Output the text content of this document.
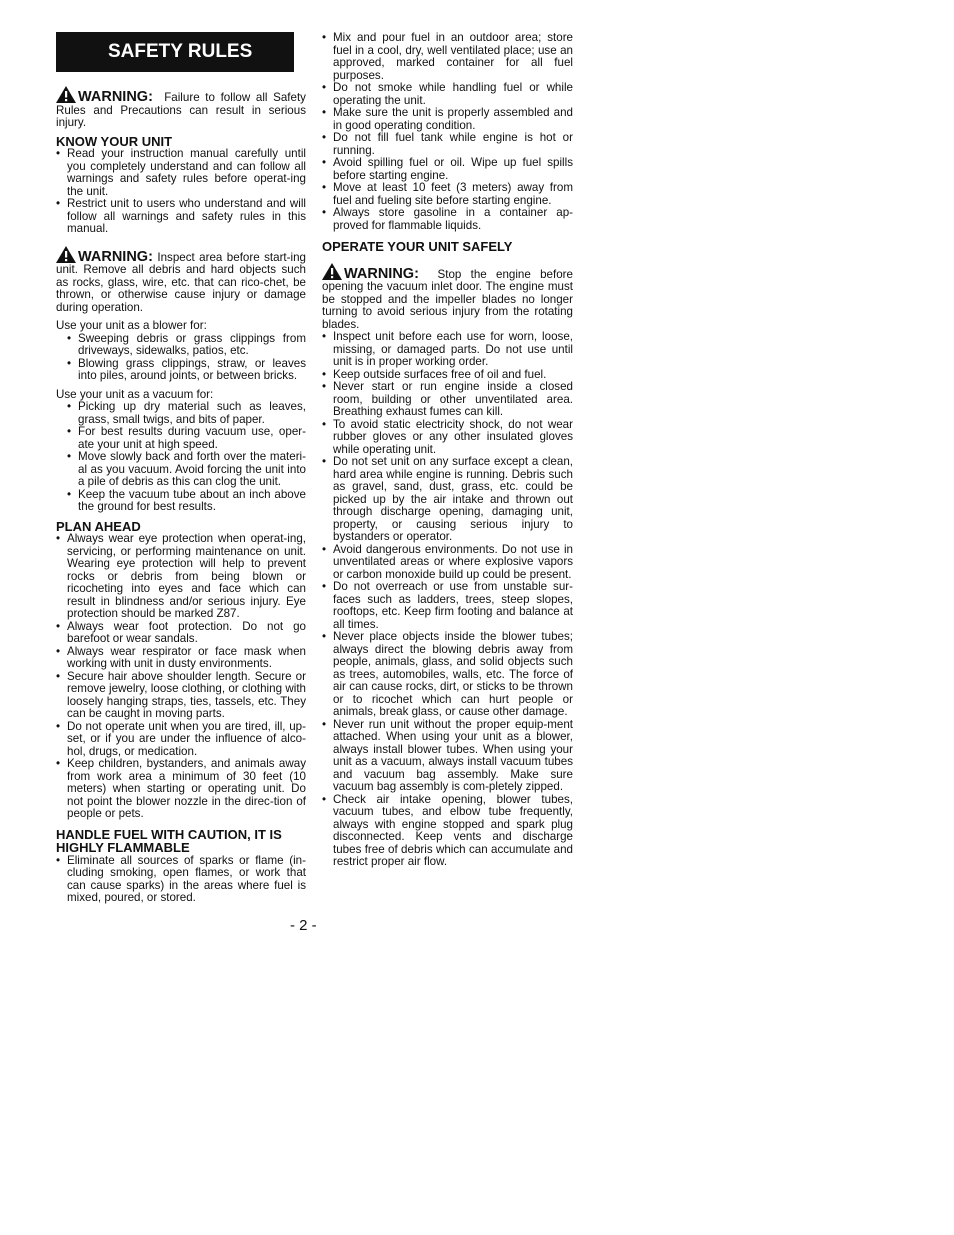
SAFETY RULES

WARNING: Failure to follow all Safety Rules and Precautions can result in serious injury.

KNOW YOUR UNIT
• Read your instruction manual carefully until you completely understand and can follow all warnings and safety rules before operat-ing the unit.
• Restrict unit to users who understand and will follow all warnings and safety rules in this manual.

WARNING: Inspect area before start-ing unit. Remove all debris and hard objects such as rocks, glass, wire, etc. that can rico-chet, be thrown, or otherwise cause injury or damage during operation.

Use your unit as a blower for:

• Sweeping debris or grass clippings from driveways, sidewalks, patios, etc.
• Blowing grass clippings, straw, or leaves into piles, around joints, or between bricks.

Use your unit as a vacuum for:

• Picking up dry material such as leaves, grass, small twigs, and bits of paper.
• For best results during vacuum use, oper-ate your unit at high speed.
• Move slowly back and forth over the materi-al as you vacuum. Avoid forcing the unit into a pile of debris as this can clog the unit.
• Keep the vacuum tube about an inch above the ground for best results.
PLAN AHEAD
• Always wear eye protection when operat-ing, servicing, or performing maintenance on unit. Wearing eye protection will help to prevent rocks or debris from being blown or ricocheting into eyes and face which can result in blindness and/or serious injury. Eye protection should be marked Z87.
• Always wear foot protection. Do not go barefoot or wear sandals.
• Always wear respirator or face mask when working with unit in dusty environments.
• Secure hair above shoulder length. Secure or remove jewelry, loose clothing, or clothing with loosely hanging straps, ties, tassels, etc. They can be caught in moving parts.
• Do not operate unit when you are tired, ill, up-set, or if you are under the influence of alco-hol, drugs, or medication.
• Keep children, bystanders, and animals away from work area a minimum of 30 feet (10 meters) when starting or operating unit. Do not point the blower nozzle in the direc-tion of people or pets.
HANDLE FUEL WITH CAUTION, IT IS HIGHLY FLAMMABLE
• Eliminate all sources of sparks or flame (in-cluding smoking, open flames, or work that can cause sparks) in the areas where fuel is mixed, poured, or stored.
• Mix and pour fuel in an outdoor area; store fuel in a cool, dry, well ventilated place; use an approved, marked container for all fuel purposes.
• Do not smoke while handling fuel or while operating the unit.
• Make sure the unit is properly assembled and in good operating condition.
• Do not fill fuel tank while engine is hot or running.
• Avoid spilling fuel or oil. Wipe up fuel spills before starting engine.
• Move at least 10 feet (3 meters) away from fuel and fueling site before starting engine.
• Always store gasoline in a container ap-proved for flammable liquids.
OPERATE YOUR UNIT SAFELY

WARNING: Stop the engine before opening the vacuum inlet door. The engine must be stopped and the impeller blades no longer turning to avoid serious injury from the rotating blades.

• Inspect unit before each use for worn, loose, missing, or damaged parts. Do not use until unit is in proper working order.
• Keep outside surfaces free of oil and fuel.
• Never start or run engine inside a closed room, building or other unventilated area. Breathing exhaust fumes can kill.
• To avoid static electricity shock, do not wear rubber gloves or any other insulated gloves while operating unit.
• Do not set unit on any surface except a clean, hard area while engine is running. Debris such as gravel, sand, dust, grass, etc. could be picked up by the air intake and thrown out through discharge opening, damaging unit, property, or causing serious injury to bystanders or operator.
• Avoid dangerous environments. Do not use in unventilated areas or where explosive vapors or carbon monoxide build up could be present.
• Do not overreach or use from unstable sur-faces such as ladders, trees, steep slopes, rooftops, etc. Keep firm footing and balance at all times.
• Never place objects inside the blower tubes; always direct the blowing debris away from people, animals, glass, and solid objects such as trees, automobiles, walls, etc. The force of air can cause rocks, dirt, or sticks to be thrown or to ricochet which can hurt people or animals, break glass, or cause other damage.
• Never run unit without the proper equip-ment attached. When using your unit as a blower, always install blower tubes. When using your unit as a vacuum, always install vacuum tubes and vacuum bag assembly. Make sure vacuum bag assembly is com-pletely zipped.
• Check air intake opening, blower tubes, vacuum tubes, and elbow tube frequently, always with engine stopped and spark plug disconnected. Keep vents and discharge tubes free of debris which can accumulate and restrict proper air flow.
- 2 -
